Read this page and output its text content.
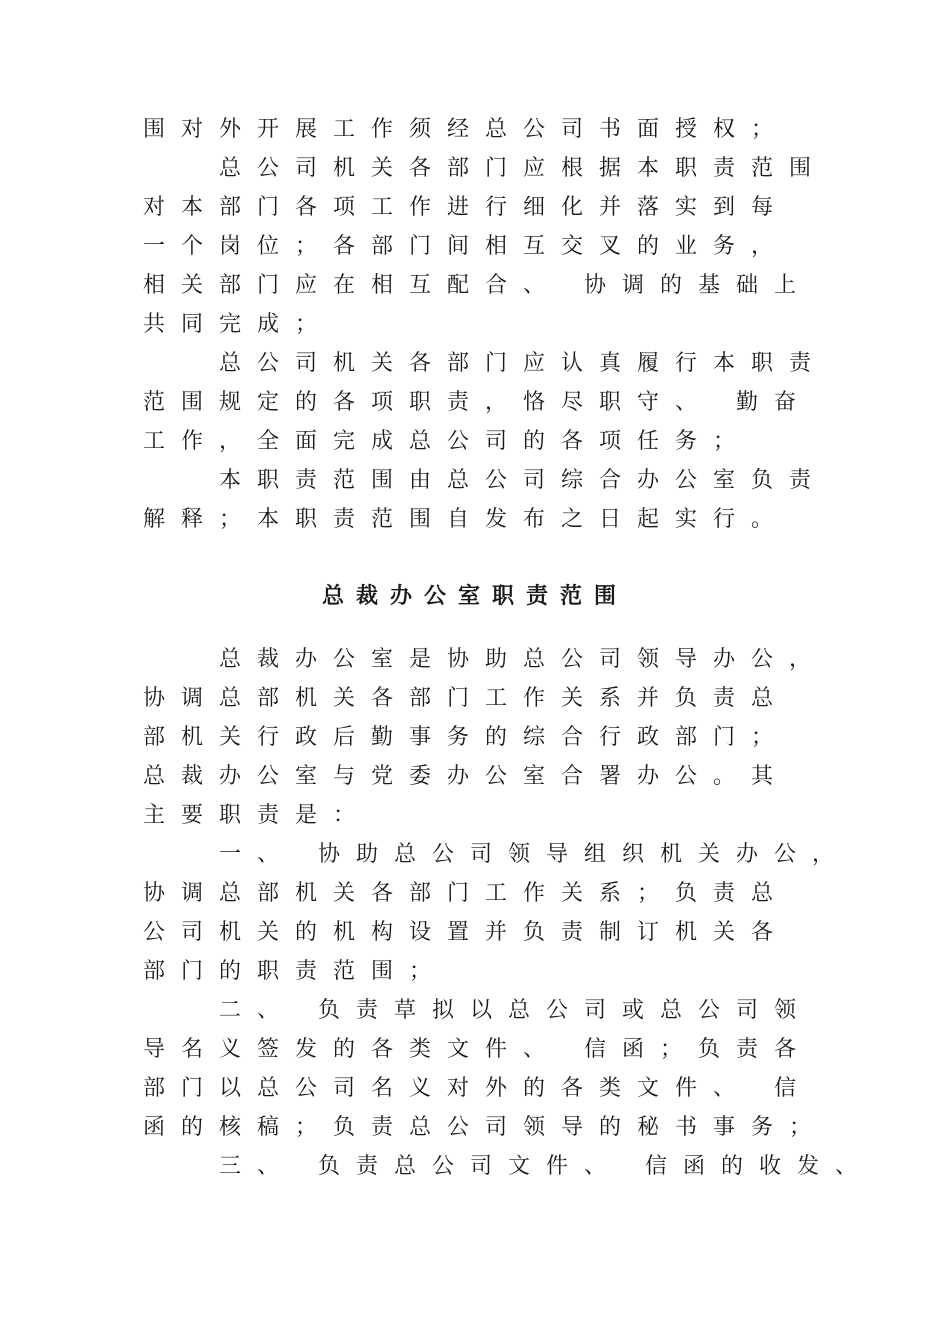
围对外开展工作须经总公司书面授权；
　　总公司机关各部门应根据本职责范围
对本部门各项工作进行细化并落实到每
一个岗位；各部门间相互交叉的业务，
相关部门应在相互配合、 协调的基础上
共同完成；
　　总公司机关各部门应认真履行本职责
范围规定的各项职责，恪尽职守、 勤奋
工作，全面完成总公司的各项任务；
　　本职责范围由总公司综合办公室负责
解释；本职责范围自发布之日起实行。
总裁办公室职责范围
　　总裁办公室是协助总公司领导办公，
协调总部机关各部门工作关系并负责总
部机关行政后勤事务的综合行政部门；
总裁办公室与党委办公室合署办公。其
主要职责是：
　　一、 协助总公司领导组织机关办公，
协调总部机关各部门工作关系；负责总
公司机关的机构设置并负责制订机关各
部门的职责范围；
　　二、 负责草拟以总公司或总公司领
导名义签发的各类文件、 信函；负责各
部门以总公司名义对外的各类文件、 信
函的核稿；负责总公司领导的秘书事务；
　　三、 负责总公司文件、 信函的收发、
